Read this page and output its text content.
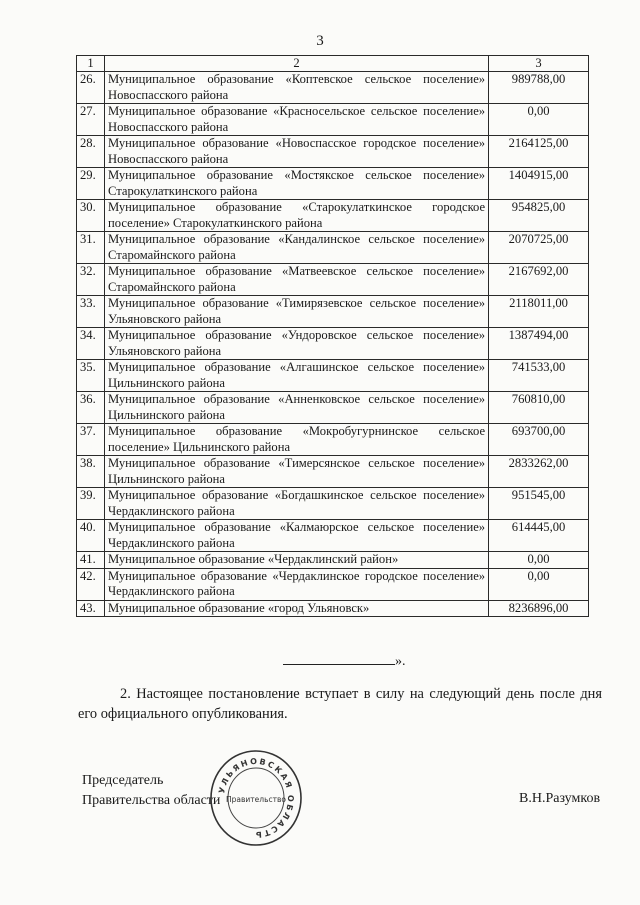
3
1	2	3
26.	Муниципальное образование «Коптевское сельское поселение» Новоспасского района	989788,00
27.	Муниципальное образование «Красносельское сельское поселение» Новоспасского района	0,00
28.	Муниципальное образование «Новоспасское городское поселение» Новоспасского района	2164125,00
29.	Муниципальное образование «Мостякское сельское поселение» Старокулаткинского района	1404915,00
30.	Муниципальное образование «Старокулаткинское городское поселение» Старокулаткинского района	954825,00
31.	Муниципальное образование «Кандалинское сельское поселение» Старомайнского района	2070725,00
32.	Муниципальное образование «Матвеевское сельское поселение» Старомайнского района	2167692,00
33.	Муниципальное образование «Тимирязевское сельское поселение» Ульяновского района	2118011,00
34.	Муниципальное образование «Ундоровское сельское поселение» Ульяновского района	1387494,00
35.	Муниципальное образование «Алгашинское сельское поселение» Цильнинского района	741533,00
36.	Муниципальное образование «Анненковское сельское поселение» Цильнинского района	760810,00
37.	Муниципальное образование «Мокробугурнинское сельское поселение» Цильнинского района	693700,00
38.	Муниципальное образование «Тимерсянское сельское поселение» Цильнинского района	2833262,00
39.	Муниципальное образование «Богдашкинское сельское поселение» Чердаклинского района	951545,00
40.	Муниципальное образование «Калмаюрское сельское поселение» Чердаклинского района	614445,00
41.	Муниципальное образование «Чердаклинский район»	0,00
42.	Муниципальное образование «Чердаклинское городское поселение» Чердаклинского района	0,00
43.	Муниципальное образование «город Ульяновск»	8236896,00
».
2. Настоящее постановление вступает в силу на следующий день после дня его официального опубликования.
Председатель
Правительства области
УЛЬЯНОВСКАЯ ОБЛАСТЬ
Правительство	В.Н.Разумков
